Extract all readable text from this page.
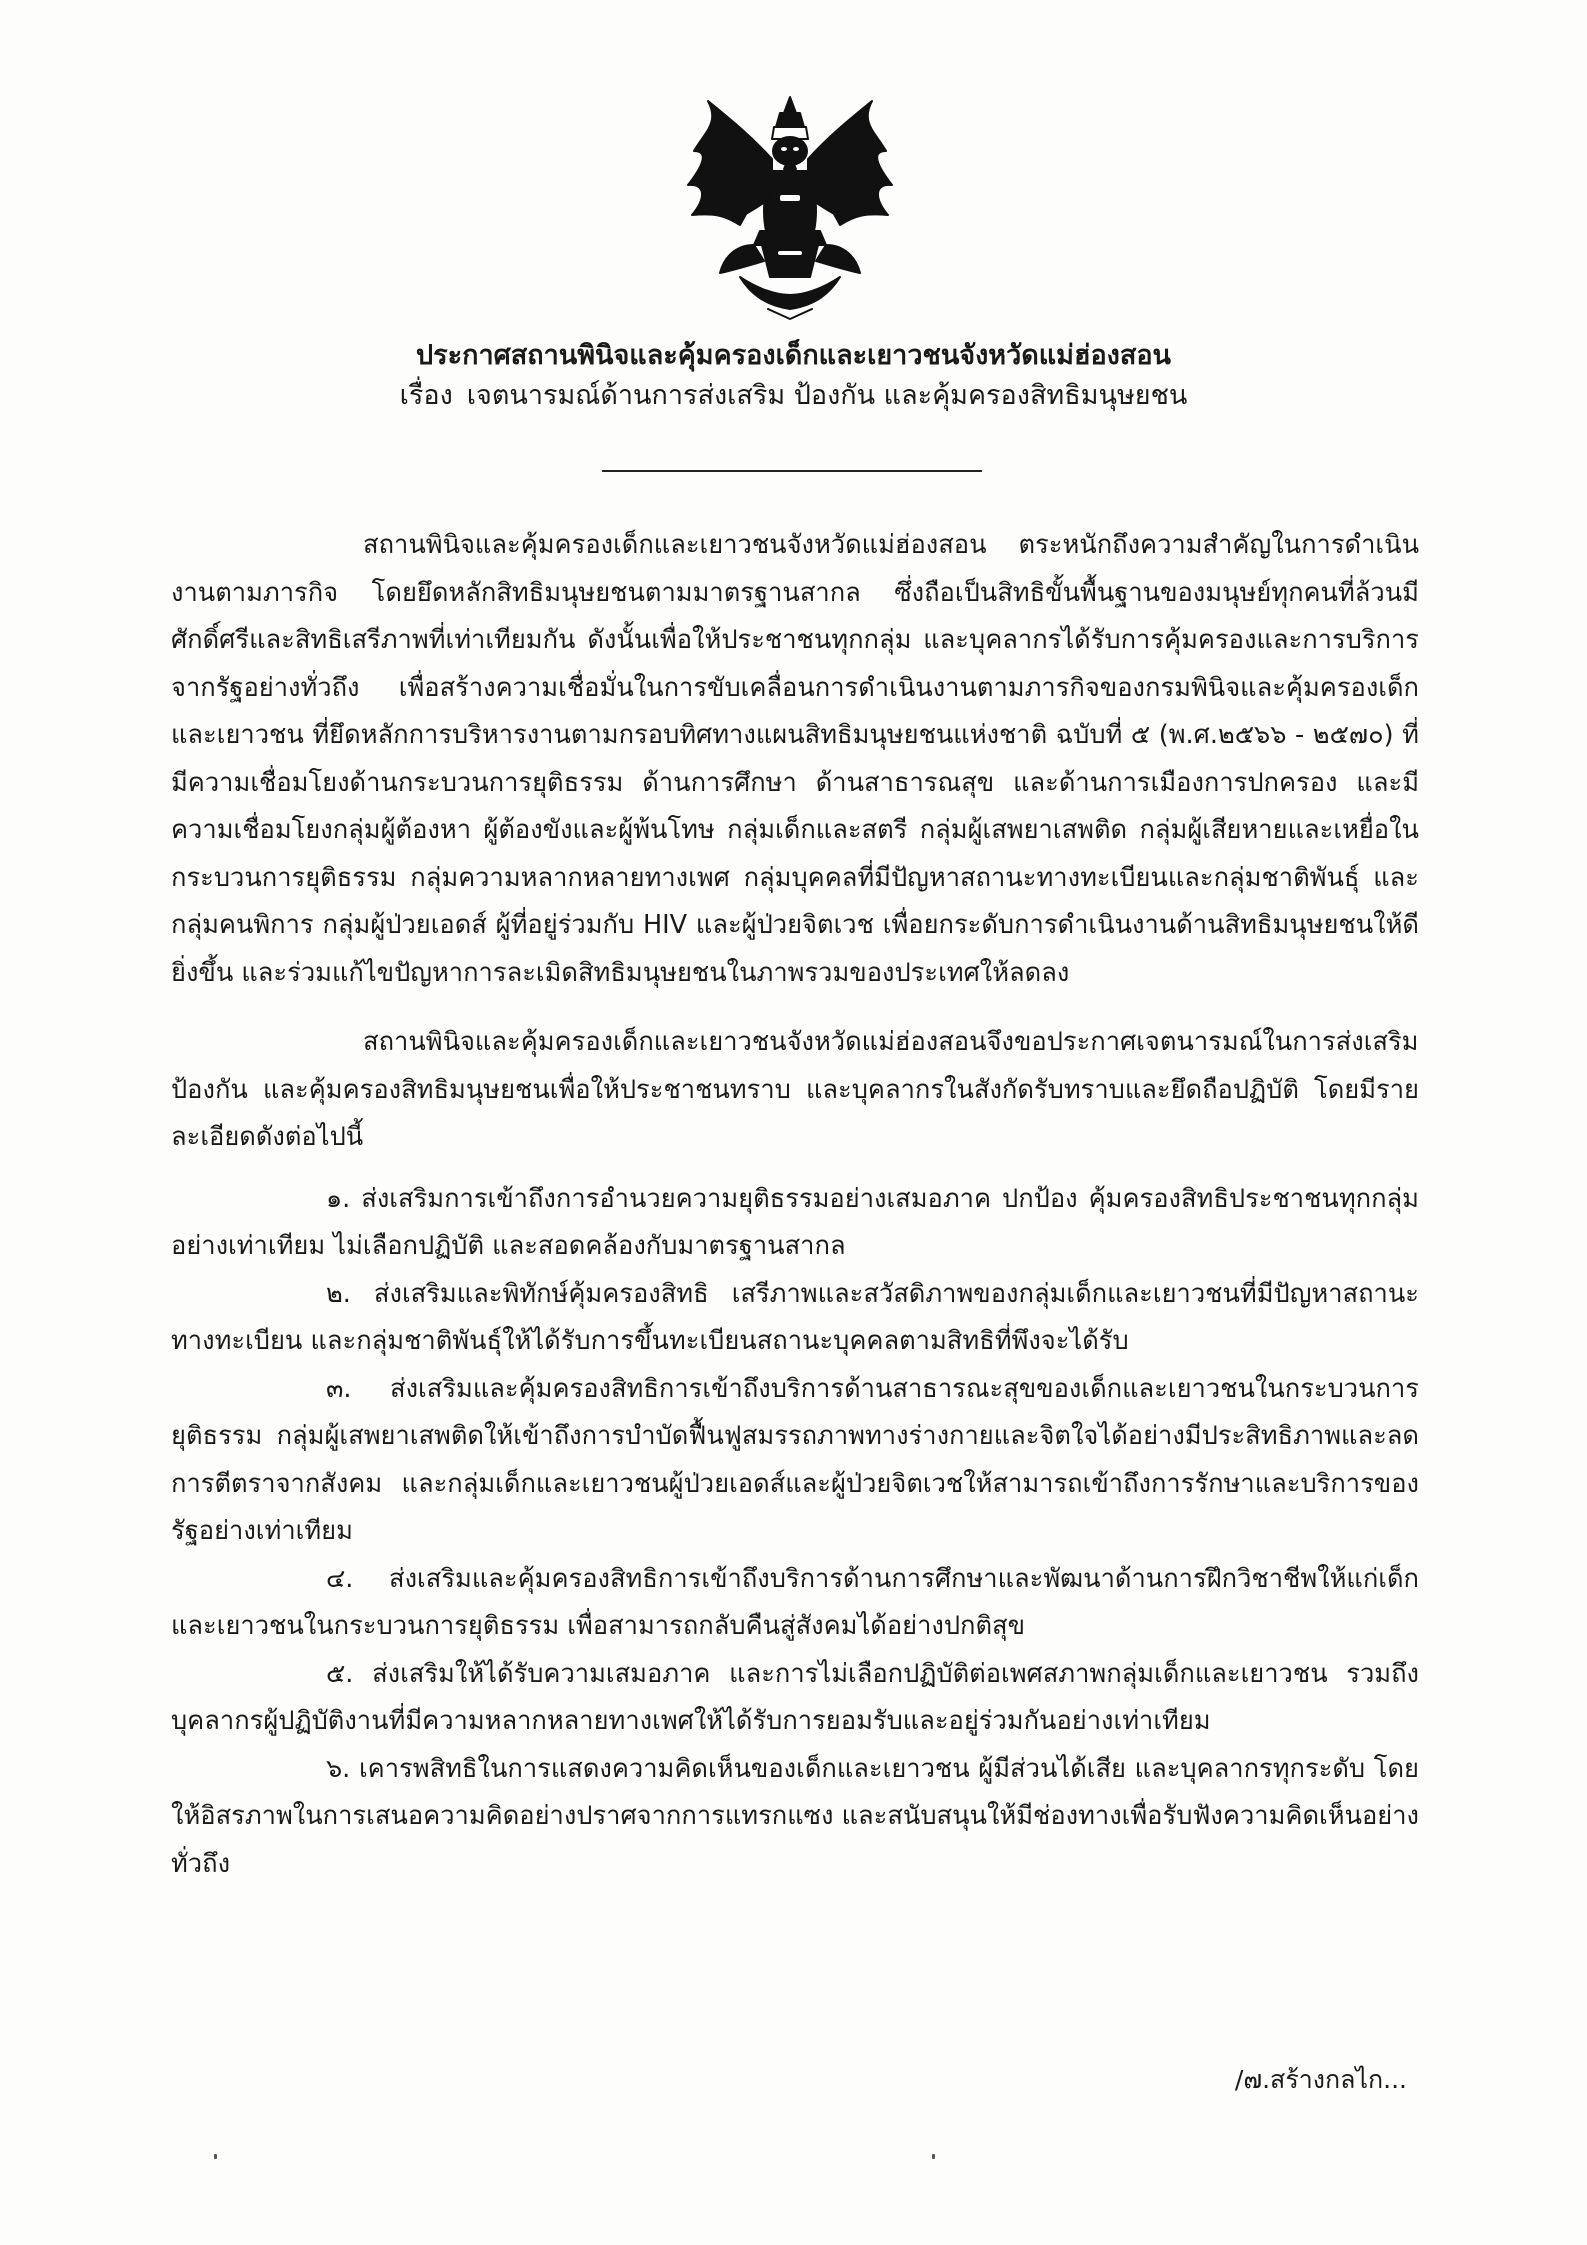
ประกาศสถานพินิจและคุ้มครองเด็กและเยาวชนจังหวัดแม่ฮ่องสอน
เรื่อง เจตนารมณ์ด้านการส่งเสริม ป้องกัน และคุ้มครองสิทธิมนุษยชน

สถานพินิจและคุ้มครองเด็กและเยาวชนจังหวัดแม่ฮ่องสอน ตระหนักถึงความสำคัญในการดำเนินงานตามภารกิจ โดยยึดหลักสิทธิมนุษยชนตามมาตรฐานสากล ซึ่งถือเป็นสิทธิขั้นพื้นฐานของมนุษย์ทุกคนที่ล้วนมีศักดิ์ศรีและสิทธิเสรีภาพที่เท่าเทียมกัน ดังนั้นเพื่อให้ประชาชนทุกกลุ่ม และบุคลากรได้รับการคุ้มครองและการบริการจากรัฐอย่างทั่วถึง เพื่อสร้างความเชื่อมั่นในการขับเคลื่อนการดำเนินงานตามภารกิจของกรมพินิจและคุ้มครองเด็กและเยาวชน ที่ยึดหลักการบริหารงานตามกรอบทิศทางแผนสิทธิมนุษยชนแห่งชาติ ฉบับที่ ๕ (พ.ศ.๒๕๖๖ - ๒๕๗๐) ที่มีความเชื่อมโยงด้านกระบวนการยุติธรรม ด้านการศึกษา ด้านสาธารณสุข และด้านการเมืองการปกครอง และมีความเชื่อมโยงกลุ่มผู้ต้องหา ผู้ต้องขังและผู้พ้นโทษ กลุ่มเด็กและสตรี กลุ่มผู้เสพยาเสพติด กลุ่มผู้เสียหายและเหยื่อในกระบวนการยุติธรรม กลุ่มความหลากหลายทางเพศ กลุ่มบุคคลที่มีปัญหาสถานะทางทะเบียนและกลุ่มชาติพันธุ์ และกลุ่มคนพิการ กลุ่มผู้ป่วยเอดส์ ผู้ที่อยู่ร่วมกับ HIV และผู้ป่วยจิตเวช เพื่อยกระดับการดำเนินงานด้านสิทธิมนุษยชนให้ดียิ่งขึ้น และร่วมแก้ไขปัญหาการละเมิดสิทธิมนุษยชนในภาพรวมของประเทศให้ลดลง

สถานพินิจและคุ้มครองเด็กและเยาวชนจังหวัดแม่ฮ่องสอนจึงขอประกาศเจตนารมณ์ในการส่งเสริม ป้องกัน และคุ้มครองสิทธิมนุษยชนเพื่อให้ประชาชนทราบ และบุคลากรในสังกัดรับทราบและยึดถือปฏิบัติ โดยมีรายละเอียดดังต่อไปนี้

๑. ส่งเสริมการเข้าถึงการอำนวยความยุติธรรมอย่างเสมอภาค ปกป้อง คุ้มครองสิทธิประชาชนทุกกลุ่มอย่างเท่าเทียม ไม่เลือกปฏิบัติ และสอดคล้องกับมาตรฐานสากล

๒. ส่งเสริมและพิทักษ์คุ้มครองสิทธิ เสรีภาพและสวัสดิภาพของกลุ่มเด็กและเยาวชนที่มีปัญหาสถานะทางทะเบียน และกลุ่มชาติพันธุ์ให้ได้รับการขึ้นทะเบียนสถานะบุคคลตามสิทธิที่พึงจะได้รับ

๓. ส่งเสริมและคุ้มครองสิทธิการเข้าถึงบริการด้านสาธารณะสุขของเด็กและเยาวชนในกระบวนการยุติธรรม กลุ่มผู้เสพยาเสพติดให้เข้าถึงการบำบัดฟื้นฟูสมรรถภาพทางร่างกายและจิตใจได้อย่างมีประสิทธิภาพและลดการตีตราจากสังคม และกลุ่มเด็กและเยาวชนผู้ป่วยเอดส์และผู้ป่วยจิตเวชให้สามารถเข้าถึงการรักษาและบริการของรัฐอย่างเท่าเทียม

๔. ส่งเสริมและคุ้มครองสิทธิการเข้าถึงบริการด้านการศึกษาและพัฒนาด้านการฝึกวิชาชีพให้แก่เด็กและเยาวชนในกระบวนการยุติธรรม เพื่อสามารถกลับคืนสู่สังคมได้อย่างปกติสุข

๕. ส่งเสริมให้ได้รับความเสมอภาค และการไม่เลือกปฏิบัติต่อเพศสภาพกลุ่มเด็กและเยาวชน รวมถึงบุคลากรผู้ปฏิบัติงานที่มีความหลากหลายทางเพศให้ได้รับการยอมรับและอยู่ร่วมกันอย่างเท่าเทียม

๖. เคารพสิทธิในการแสดงความคิดเห็นของเด็กและเยาวชน ผู้มีส่วนได้เสีย และบุคลากรทุกระดับ โดยให้อิสรภาพในการเสนอความคิดอย่างปราศจากการแทรกแซง และสนับสนุนให้มีช่องทางเพื่อรับฟังความคิดเห็นอย่างทั่วถึง

/๗.สร้างกลไก...
